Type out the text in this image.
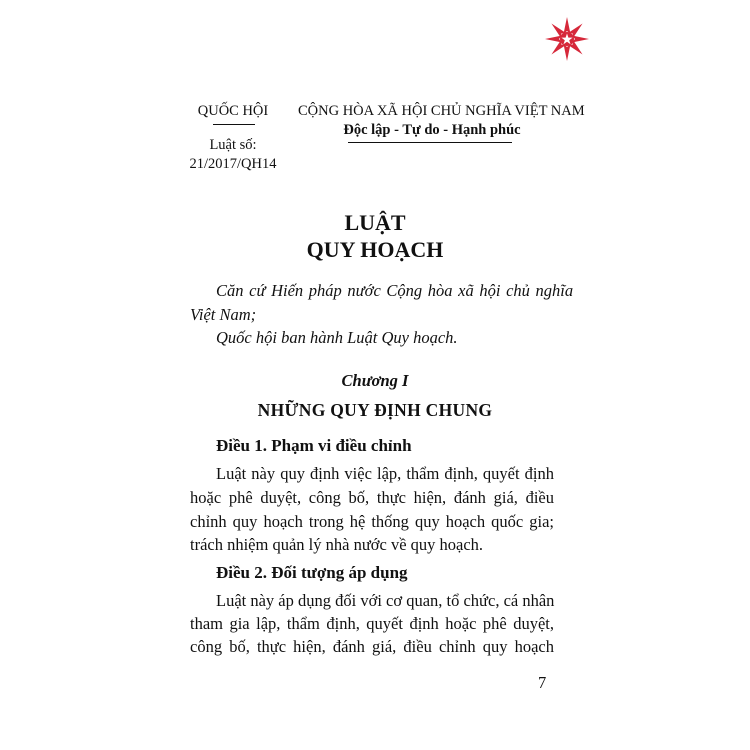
QUỐC HỘI
Luật số:
21/2017/QH14
CỘNG HÒA XÃ HỘI CHỦ NGHĨA VIỆT NAM
Độc lập - Tự do - Hạnh phúc
LUẬT
QUY HOẠCH
Căn cứ Hiến pháp nước Cộng hòa xã hội chủ nghĩa
Việt Nam;
Quốc hội ban hành Luật Quy hoạch.
Chương I
NHỮNG QUY ĐỊNH CHUNG
Điều 1. Phạm vi điều chỉnh
Luật này quy định việc lập, thẩm định, quyết định
hoặc phê duyệt, công bố, thực hiện, đánh giá, điều
chỉnh quy hoạch trong hệ thống quy hoạch quốc gia;
trách nhiệm quản lý nhà nước về quy hoạch.
Điều 2. Đối tượng áp dụng
Luật này áp dụng đối với cơ quan, tổ chức, cá nhân
tham gia lập, thẩm định, quyết định hoặc phê duyệt,
công bố, thực hiện, đánh giá, điều chỉnh quy hoạch
7
